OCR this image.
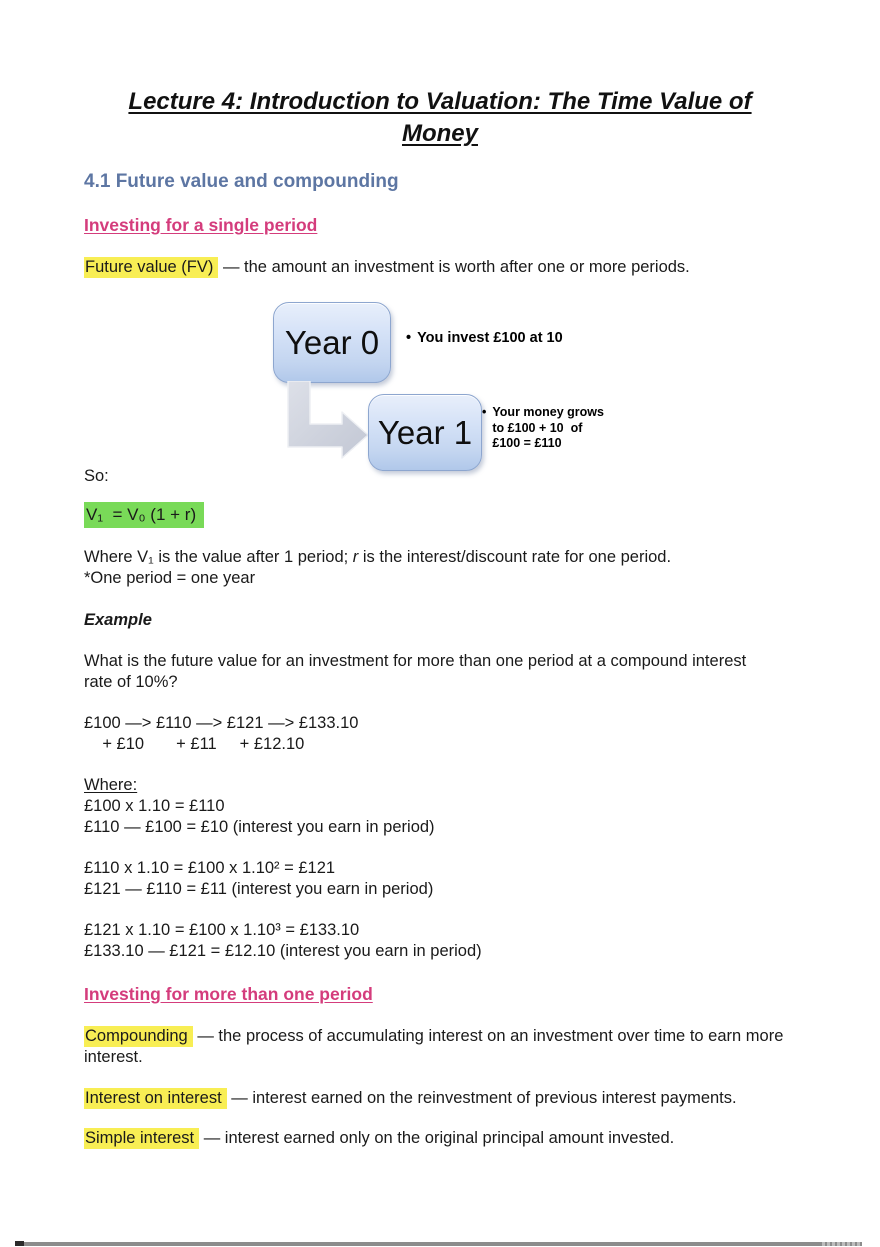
Lecture 4: Introduction to Valuation: The Time Value of
Money
4.1 Future value and compounding
Investing for a single period

Future value (FV) — the amount an investment is worth after one or more periods.

Year 0
Year 1
• You invest £100 at 10
• Your money grows
to £100 + 10  of
£100 = £110

So:

V₁  = V₀ (1 + r)

Where V₁ is the value after 1 period; r is the interest/discount rate for one period.
*One period = one year

Example

What is the future value for an investment for more than one period at a compound interest rate of 10%?

£100 —> £110 —> £121 —> £133.10
+ £10       + £11     + £12.10

Where:

£100 x 1.10 = £110
£110 — £100 = £10 (interest you earn in period)
£110 x 1.10 = £100 x 1.10² = £121
£121 — £110 = £11 (interest you earn in period)
£121 x 1.10 = £100 x 1.10³ = £133.10
£133.10 — £121 = £12.10 (interest you earn in period)
Investing for more than one period

Compounding — the process of accumulating interest on an investment over time to earn more interest.

Interest on interest — interest earned on the reinvestment of previous interest payments.

Simple interest — interest earned only on the original principal amount invested.
